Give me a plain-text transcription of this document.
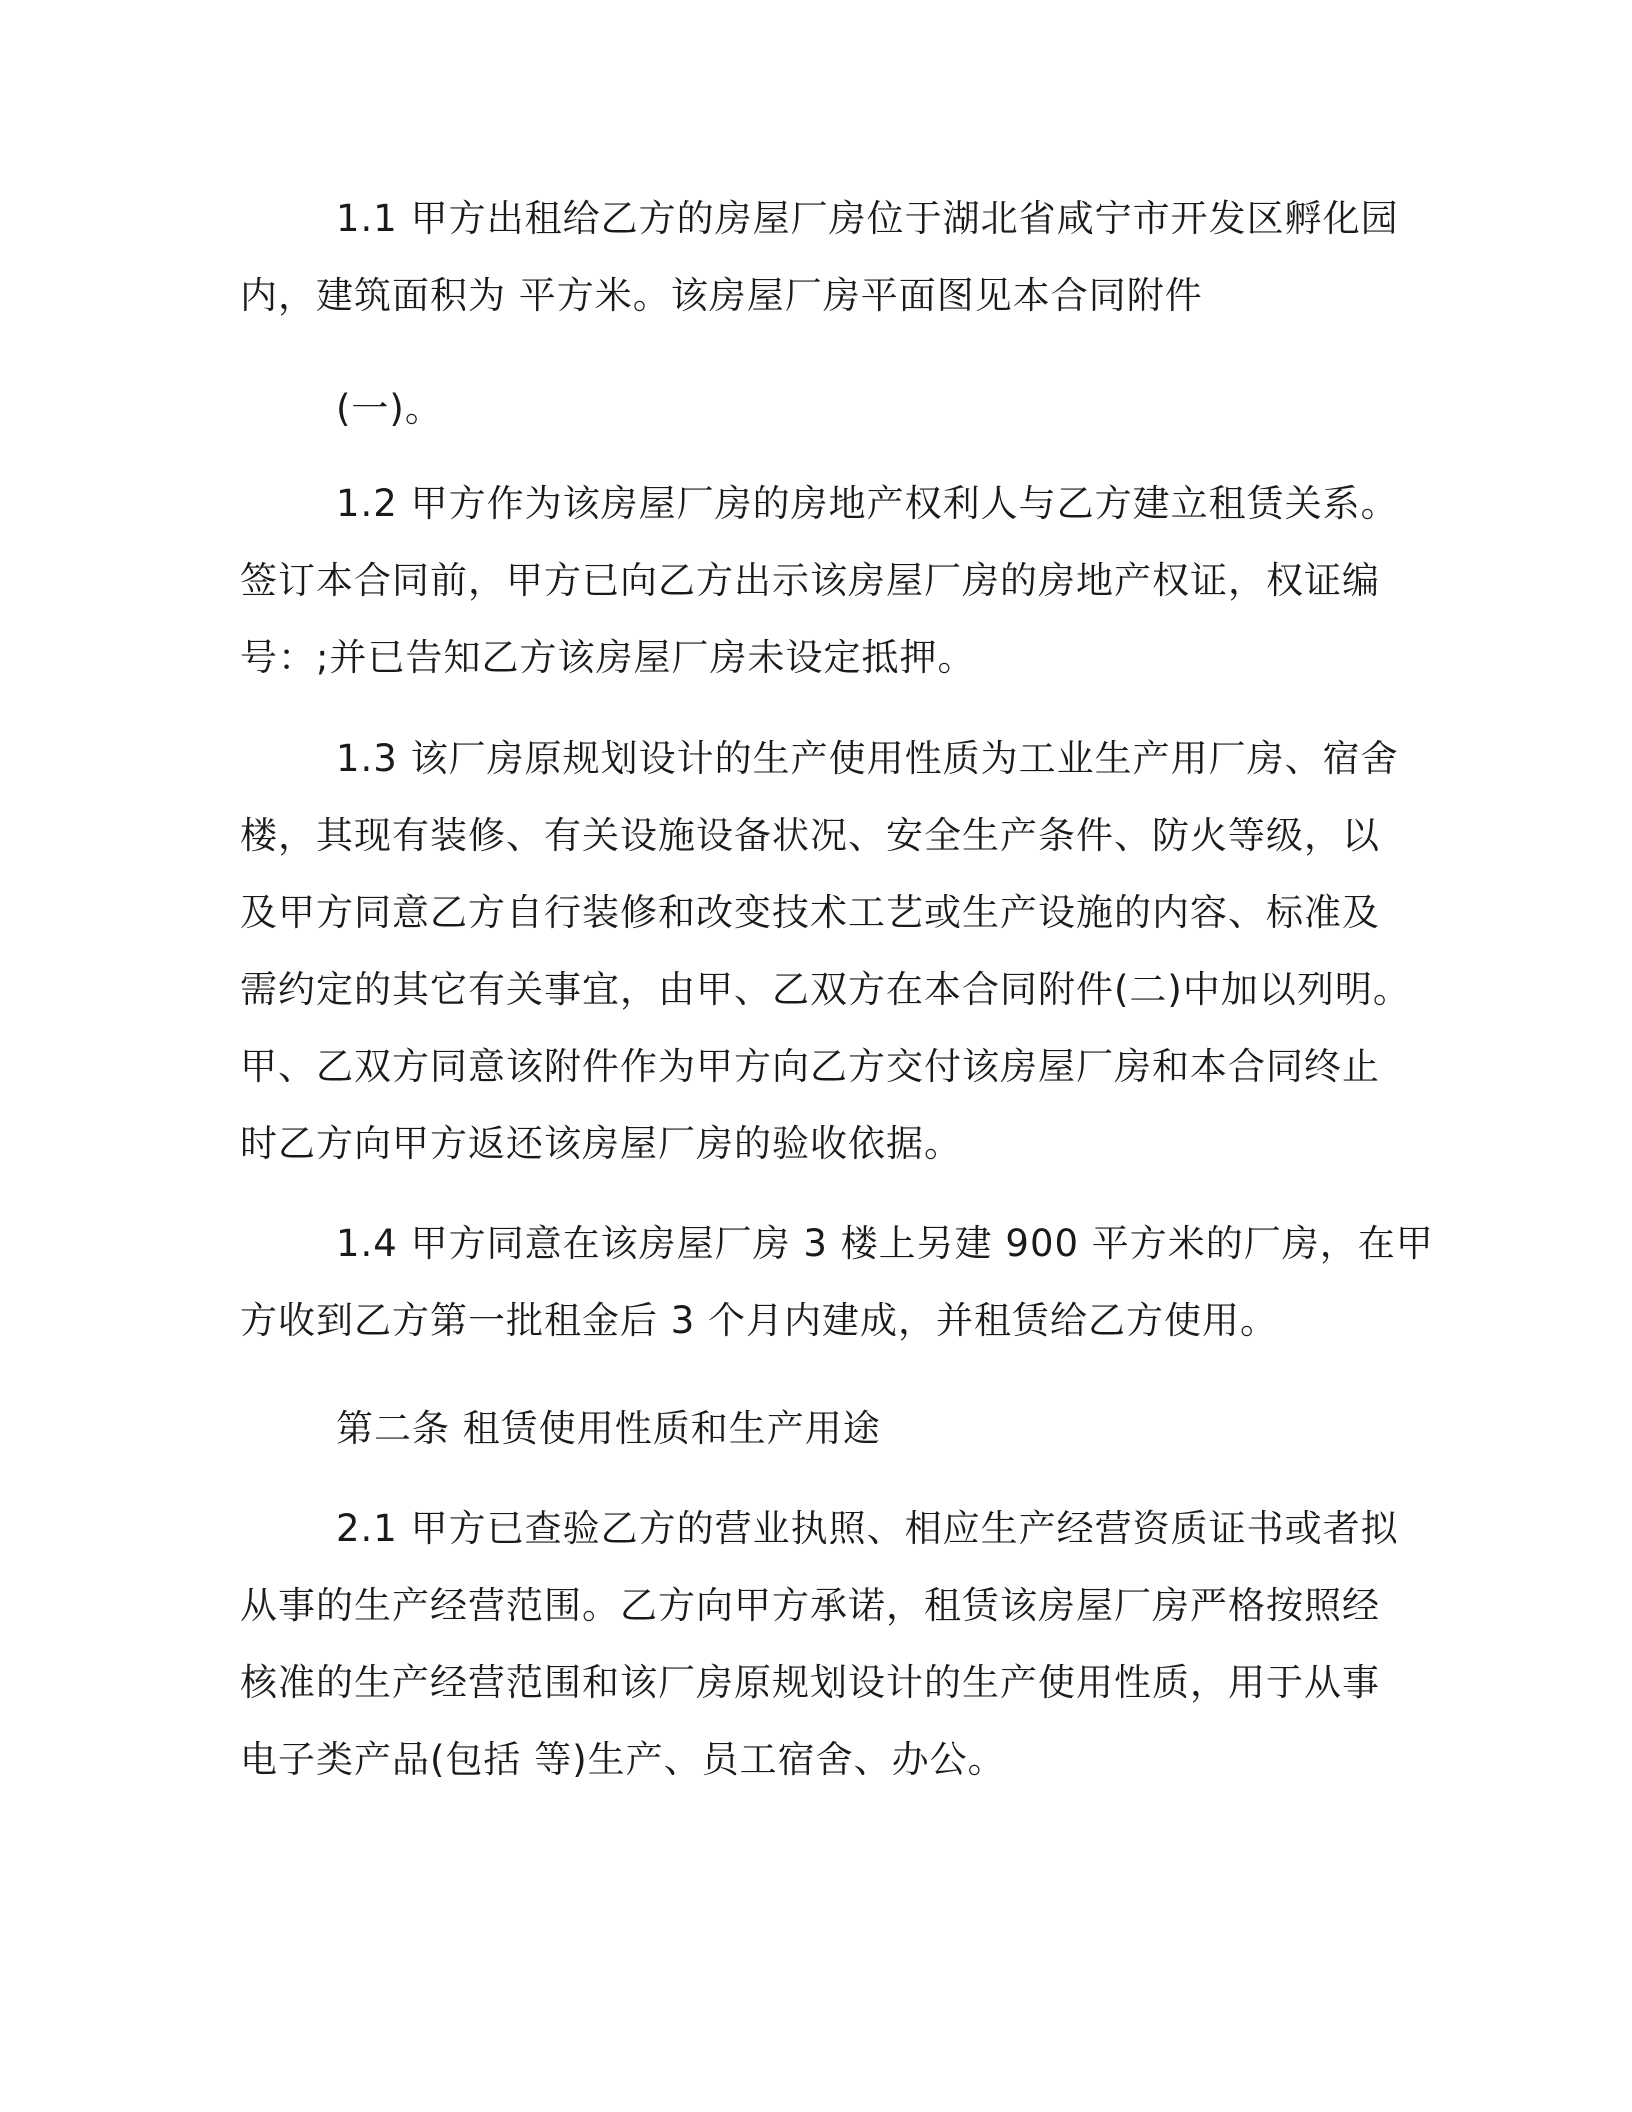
1.1 甲方出租给乙方的房屋厂房位于湖北省咸宁市开发区孵化园
内，建筑面积为 平方米。该房屋厂房平面图见本合同附件
(一)。
1.2 甲方作为该房屋厂房的房地产权利人与乙方建立租赁关系。
签订本合同前，甲方已向乙方出示该房屋厂房的房地产权证，权证编
号：;并已告知乙方该房屋厂房未设定抵押。
1.3 该厂房原规划设计的生产使用性质为工业生产用厂房、宿舍
楼，其现有装修、有关设施设备状况、安全生产条件、防火等级，以
及甲方同意乙方自行装修和改变技术工艺或生产设施的内容、标准及
需约定的其它有关事宜，由甲、乙双方在本合同附件(二)中加以列明。
甲、乙双方同意该附件作为甲方向乙方交付该房屋厂房和本合同终止
时乙方向甲方返还该房屋厂房的验收依据。
1.4 甲方同意在该房屋厂房 3 楼上另建 900 平方米的厂房，在甲
方收到乙方第一批租金后 3 个月内建成，并租赁给乙方使用。
第二条 租赁使用性质和生产用途
2.1 甲方已查验乙方的营业执照、相应生产经营资质证书或者拟
从事的生产经营范围。乙方向甲方承诺，租赁该房屋厂房严格按照经
核准的生产经营范围和该厂房原规划设计的生产使用性质，用于从事
电子类产品(包括 等)生产、员工宿舍、办公。
